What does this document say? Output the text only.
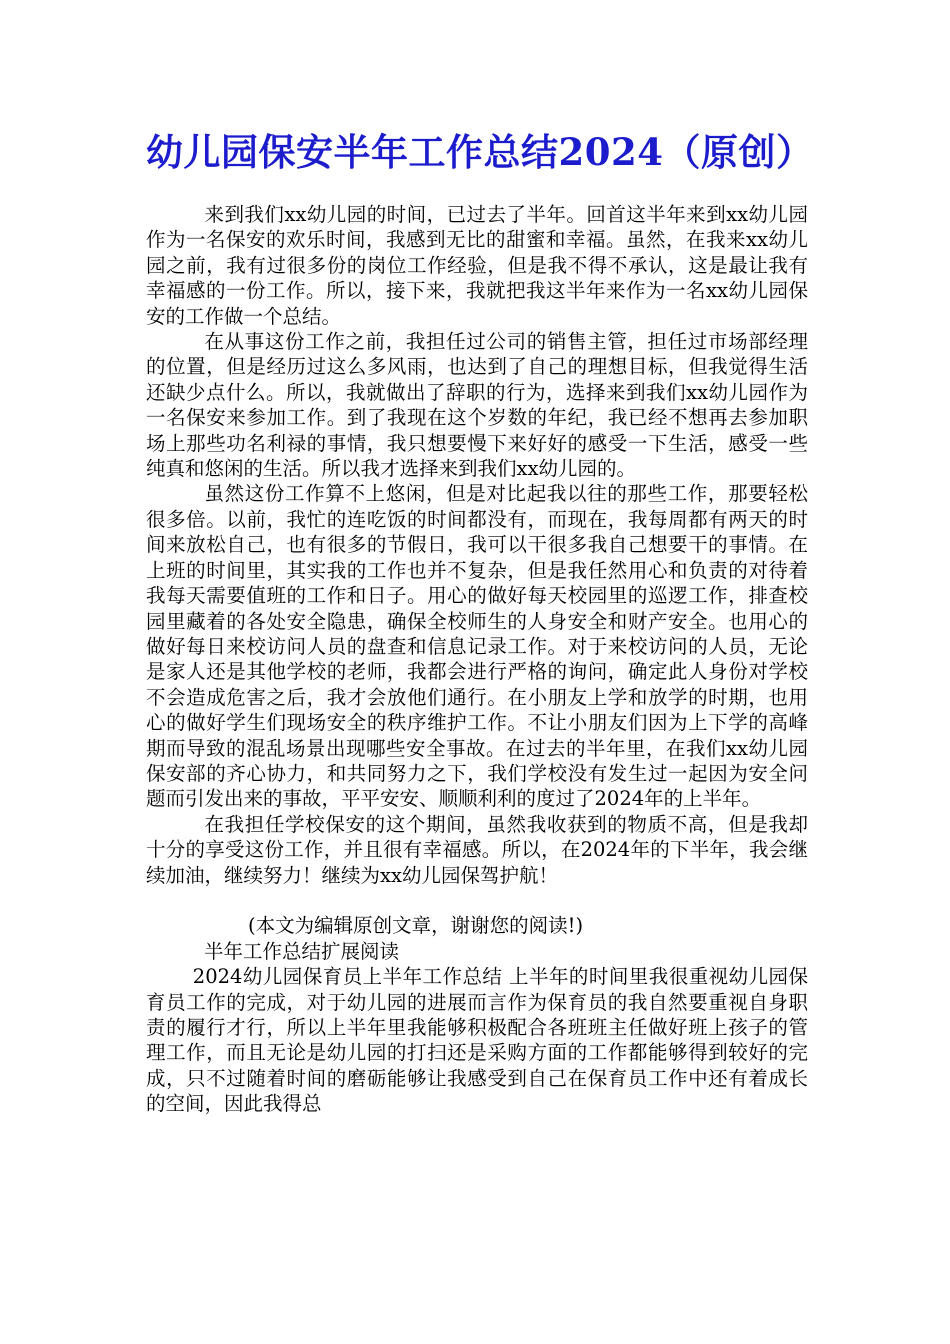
幼儿园保安半年工作总结2024（原创）

来到我们xx幼儿园的时间，已过去了半年。回首这半年来到xx幼儿园作为一名保安的欢乐时间，我感到无比的甜蜜和幸福。虽然，在我来xx幼儿园之前，我有过很多份的岗位工作经验，但是我不得不承认，这是最让我有幸福感的一份工作。所以，接下来，我就把我这半年来作为一名xx幼儿园保安的工作做一个总结。

在从事这份工作之前，我担任过公司的销售主管，担任过市场部经理的位置，但是经历过这么多风雨，也达到了自己的理想目标，但我觉得生活还缺少点什么。所以，我就做出了辞职的行为，选择来到我们xx幼儿园作为一名保安来参加工作。到了我现在这个岁数的年纪，我已经不想再去参加职场上那些功名利禄的事情，我只想要慢下来好好的感受一下生活，感受一些纯真和悠闲的生活。所以我才选择来到我们xx幼儿园的。

虽然这份工作算不上悠闲，但是对比起我以往的那些工作，那要轻松很多倍。以前，我忙的连吃饭的时间都没有，而现在，我每周都有两天的时间来放松自己，也有很多的节假日，我可以干很多我自己想要干的事情。在上班的时间里，其实我的工作也并不复杂，但是我任然用心和负责的对待着我每天需要值班的工作和日子。用心的做好每天校园里的巡逻工作，排查校园里藏着的各处安全隐患，确保全校师生的人身安全和财产安全。也用心的做好每日来校访问人员的盘查和信息记录工作。对于来校访问的人员，无论是家人还是其他学校的老师，我都会进行严格的询问，确定此人身份对学校不会造成危害之后，我才会放他们通行。在小朋友上学和放学的时期，也用心的做好学生们现场安全的秩序维护工作。不让小朋友们因为上下学的高峰期而导致的混乱场景出现哪些安全事故。在过去的半年里，在我们xx幼儿园保安部的齐心协力，和共同努力之下，我们学校没有发生过一起因为安全问题而引发出来的事故，平平安安、顺顺利利的度过了2024年的上半年。

在我担任学校保安的这个期间，虽然我收获到的物质不高，但是我却十分的享受这份工作，并且很有幸福感。所以，在2024年的下半年，我会继续加油，继续努力！继续为xx幼儿园保驾护航！

(本文为编辑原创文章，谢谢您的阅读!)

半年工作总结扩展阅读

2024幼儿园保育员上半年工作总结 上半年的时间里我很重视幼儿园保育员工作的完成，对于幼儿园的进展而言作为保育员的我自然要重视自身职责的履行才行，所以上半年里我能够积极配合各班班主任做好班上孩子的管理工作，而且无论是幼儿园的打扫还是采购方面的工作都能够得到较好的完成，只不过随着时间的磨砺能够让我感受到自己在保育员工作中还有着成长的空间，因此我得总
